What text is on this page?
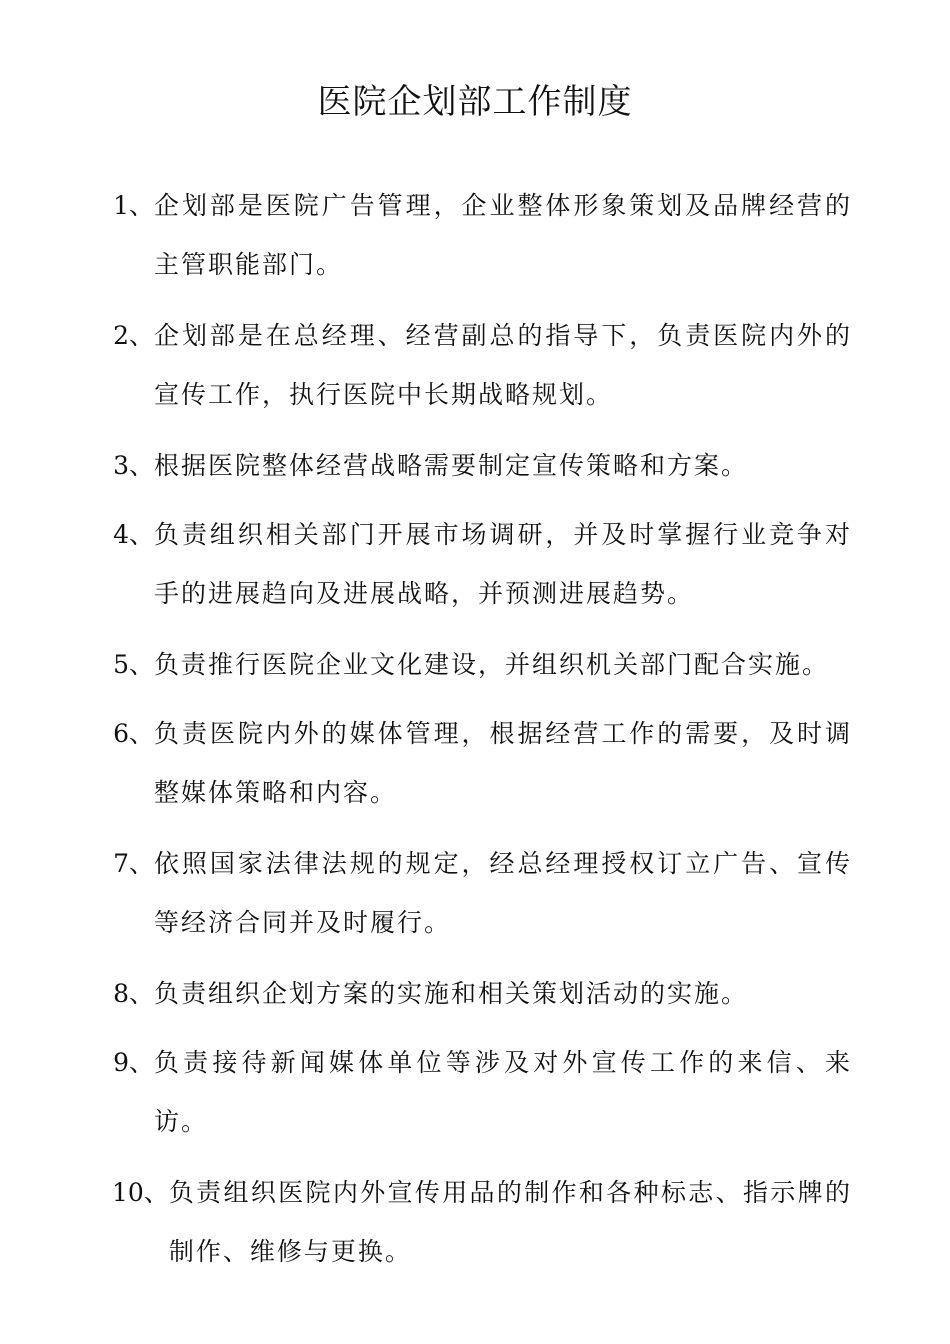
医院企划部工作制度
1、 企划部是医院广告管理，企业整体形象策划及品牌经营的主管职能部门。
2、 企划部是在总经理、经营副总的指导下，负责医院内外的宣传工作，执行医院中长期战略规划。
3、 根据医院整体经营战略需要制定宣传策略和方案。
4、 负责组织相关部门开展市场调研，并及时掌握行业竞争对手的进展趋向及进展战略，并预测进展趋势。
5、 负责推行医院企业文化建设，并组织机关部门配合实施。
6、 负责医院内外的媒体管理，根据经营工作的需要，及时调整媒体策略和内容。
7、 依照国家法律法规的规定，经总经理授权订立广告、宣传等经济合同并及时履行。
8、 负责组织企划方案的实施和相关策划活动的实施。
9、 负责接待新闻媒体单位等涉及对外宣传工作的来信、来访。
10、 负责组织医院内外宣传用品的制作和各种标志、指示牌的制作、维修与更换。
